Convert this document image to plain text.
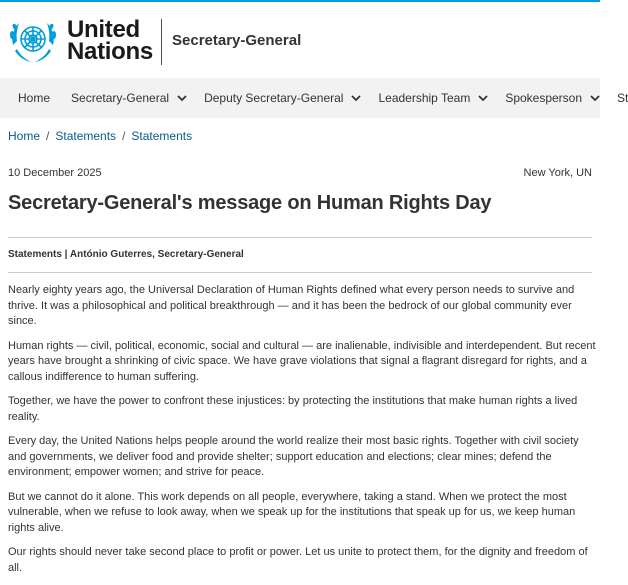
United
Nations Secretary-General
Home Secretary-General	Deputy Secretary-General	Leadership Team	Spokesperson	St
Home / Statements / Statements
10 December 2025	New York, UN
Secretary-General's message on Human Rights Day
Statements | António Guterres, Secretary-General

Nearly eighty years ago, the Universal Declaration of Human Rights defined what every person needs to survive and thrive. It was a philosophical and political breakthrough — and it has been the bedrock of our global community ever since.

Human rights — civil, political, economic, social and cultural — are inalienable, indivisible and interdependent. But recent years have brought a shrinking of civic space. We have grave violations that signal a flagrant disregard for rights, and a callous indifference to human suffering.

Together, we have the power to confront these injustices: by protecting the institutions that make human rights a lived reality.

Every day, the United Nations helps people around the world realize their most basic rights. Together with civil society and governments, we deliver food and provide shelter; support education and elections; clear mines; defend the environment; empower women; and strive for peace.

But we cannot do it alone. This work depends on all people, everywhere, taking a stand. When we protect the most vulnerable, when we refuse to look away, when we speak up for the institutions that speak up for us, we keep human rights alive.

Our rights should never take second place to profit or power. Let us unite to protect them, for the dignity and freedom of all.
